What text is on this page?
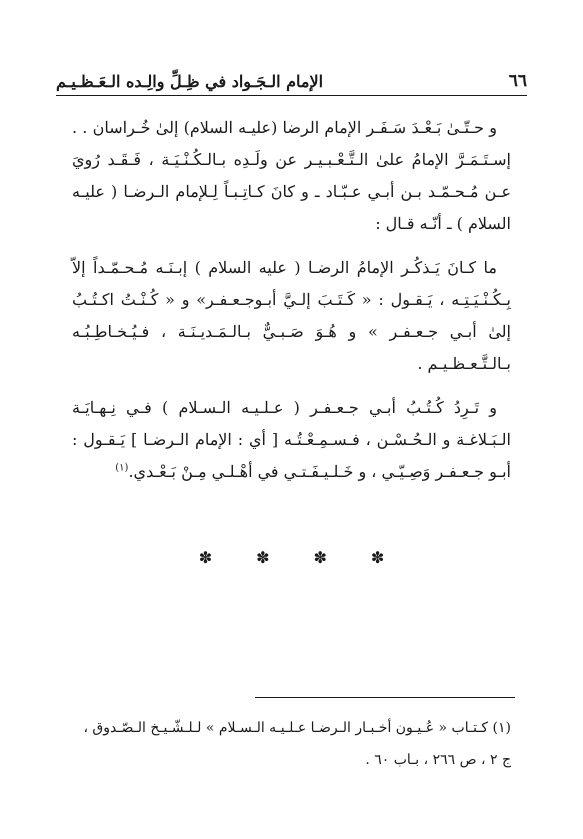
٦٦
الإمام الـجَـواد في ظِـلِّ والِـده الـعَـظـيـم

و حـتّـىٰ بَـعْـدَ سَـفَـر الإمام الرضا (عليـه السلام) إلىٰ خُـراسان . . إسـتَـمَـرَّ الإمامُ علىٰ الـتَّـعْـبـيـر عن ولَـدِه بـالـكُـنْـيَـة ، فَـقَـد رُويَ عـن مُـحـمّـد بـن أبـي عـبّـاد ـ و كانَ كـاتِـبـاً لِـلإمام الـرضـا ( عليـه السلام ) ـ أنّـه قـال :

ما كـانَ يَـذكُـر الإمامُ الرضـا ( عليه السلام ) إبـنَـه مُـحـمّـداً إلاّ بِـكُـنْـيَـتِـه ، يَـقـول : « كَـتَـبَ إلـيَّ أبـوجـعـفـر» و « كُـنْـتُ اكـتُـبُ إلىٰ أبـي جـعـفـر » و هُـوَ صَـبـيٌّ بـالـمَـديـنَـة ، فـيُـخـاطِـبُـه بـالـتَّـعـظـيـم .

و تَـرِدُ كُـتُـبُ أبـي جـعـفـر ( عـلـيـه الـسـلام ) فـي نِـهـايَـة الـبَـلاغـة و الـحُـسْـن ، فـسـمِـعْـتُـه [ أي : الإمام الـرضـا ] يَـقـول : أبـو جـعـفـر وَصِـيّـي ، و خَـلـيـفَـتـي في أهْـلـي مِـنْ بَـعْـدي.$^{(١)}$

✽
✽
✽
✽

(١) كـتـاب « عُـيـون أخـبـار الـرضـا عـلـيـه الـسـلام » لـلـشّـيـخ الـصّـدوق ،

ج ٢ ، ص ٢٦٦ ، بـاب ٦٠ .
